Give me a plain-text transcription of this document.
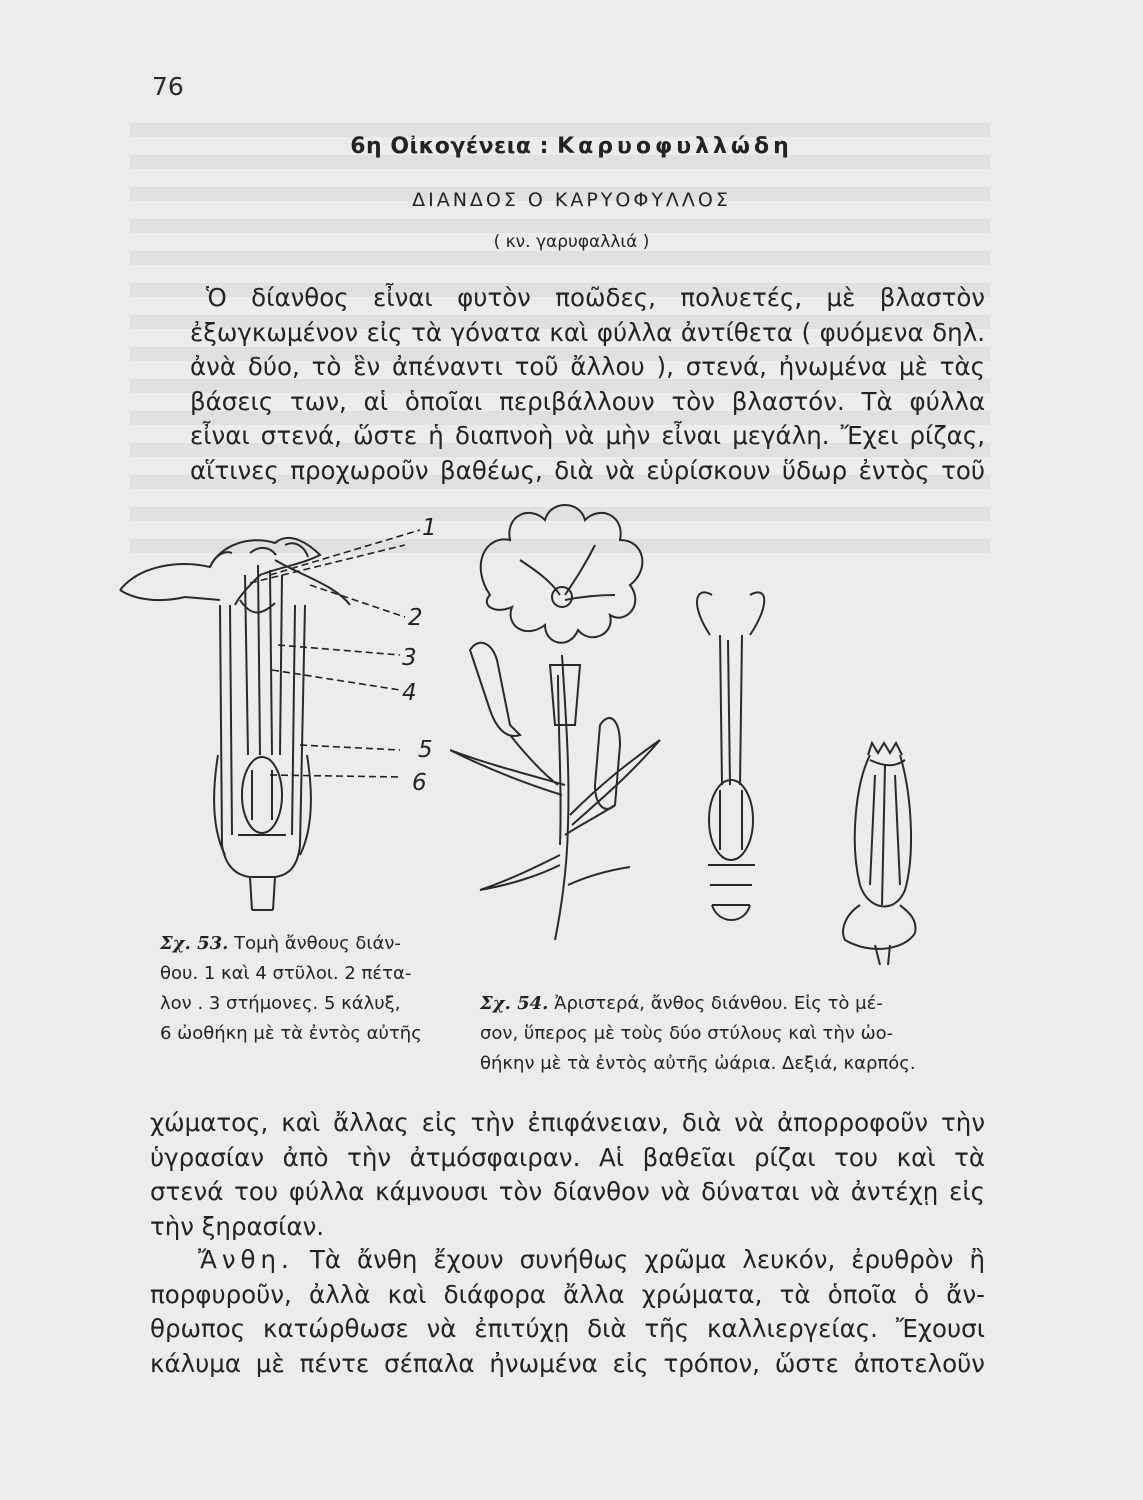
76
6η Οἰκογένεια : Καρυοφυλλώδη
ΔΙΑΝΔΟΣ Ο ΚΑΡΥΟΦΥΛΛΟΣ
( κν. γαρυφαλλιά )
Ὁ δίανθος εἶναι φυτὸν ποῶδες, πολυετές, μὲ βλαστὸν
ἐξωγκωμένον εἰς τὰ γόνατα καὶ φύλλα ἀντίθετα ( φυόμενα δηλ.
ἀνὰ δύο, τὸ ἓν ἀπέναντι τοῦ ἄλλου ), στενά, ἠνωμένα μὲ τὰς
βάσεις των, αἱ ὁποῖαι περιβάλλουν τὸν βλαστόν. Τὰ φύλλα
εἶναι στενά, ὥστε ἡ διαπνοὴ νὰ μὴν εἶναι μεγάλη. Ἔχει ρίζας,
αἵτινες προχωροῦν βαθέως, διὰ νὰ εὑρίσκουν ὕδωρ ἐντὸς τοῦ
1
2
3
4
5
6
Σχ. 53. Τομὴ ἄνθους διάν-
θου. 1 καὶ 4 στῦλοι. 2 πέτα-
λον . 3 στήμονες. 5 κάλυξ,
6 ὠοθήκη μὲ τὰ ἐντὸς αὐτῆς
Σχ. 54. Ἀριστερά, ἄνθος διάνθου. Εἰς τὸ μέ-
σον, ὕπερος μὲ τοὺς δύο στύλους καὶ τὴν ὠο-
θήκην μὲ τὰ ἐντὸς αὐτῆς ὠάρια. Δεξιά, καρπός.
χώματος, καὶ ἄλλας εἰς τὴν ἐπιφάνειαν, διὰ νὰ ἀπορροφοῦν τὴν
ὑγρασίαν ἀπὸ τὴν ἀτμόσφαιραν. Αἱ βαθεῖαι ρίζαι του καὶ τὰ
στενά του φύλλα κάμνουσι τὸν δίανθον νὰ δύναται νὰ ἀντέχῃ εἰς
τὴν ξηρασίαν.
Ἄνθη. Τὰ ἄνθη ἔχουν συνήθως χρῶμα λευκόν, ἐρυθρὸν ἢ
πορφυροῦν, ἀλλὰ καὶ διάφορα ἄλλα χρώματα, τὰ ὁποῖα ὁ ἄν-
θρωπος κατώρθωσε νὰ ἐπιτύχῃ διὰ τῆς καλλιεργείας. Ἔχουσι
κάλυμα μὲ πέντε σέπαλα ἠνωμένα εἰς τρόπον, ὥστε ἀποτελοῦν
